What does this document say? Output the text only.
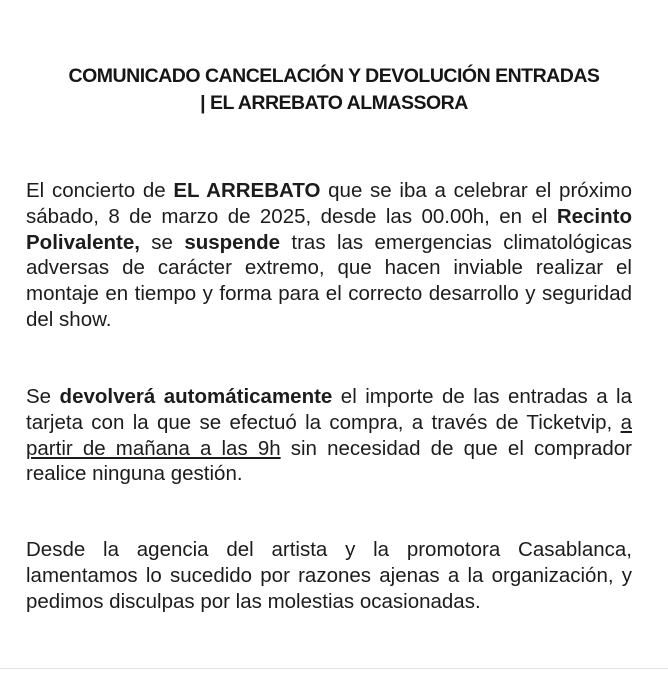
COMUNICADO CANCELACIÓN Y DEVOLUCIÓN ENTRADAS
| EL ARREBATO ALMASSORA

El concierto de EL ARREBATO que se iba a celebrar el próximo sábado, 8 de marzo de 2025, desde las 00.00h, en el Recinto Polivalente, se suspende tras las emergencias climatológicas adversas de carácter extremo, que hacen inviable realizar el montaje en tiempo y forma para el correcto desarrollo y seguridad del show.

Se devolverá automáticamente el importe de las entradas a la tarjeta con la que se efectuó la compra, a través de Ticketvip, a partir de mañana a las 9h sin necesidad de que el comprador realice ninguna gestión.

Desde la agencia del artista y la promotora Casablanca, lamentamos lo sucedido por razones ajenas a la organización, y pedimos disculpas por las molestias ocasionadas.
